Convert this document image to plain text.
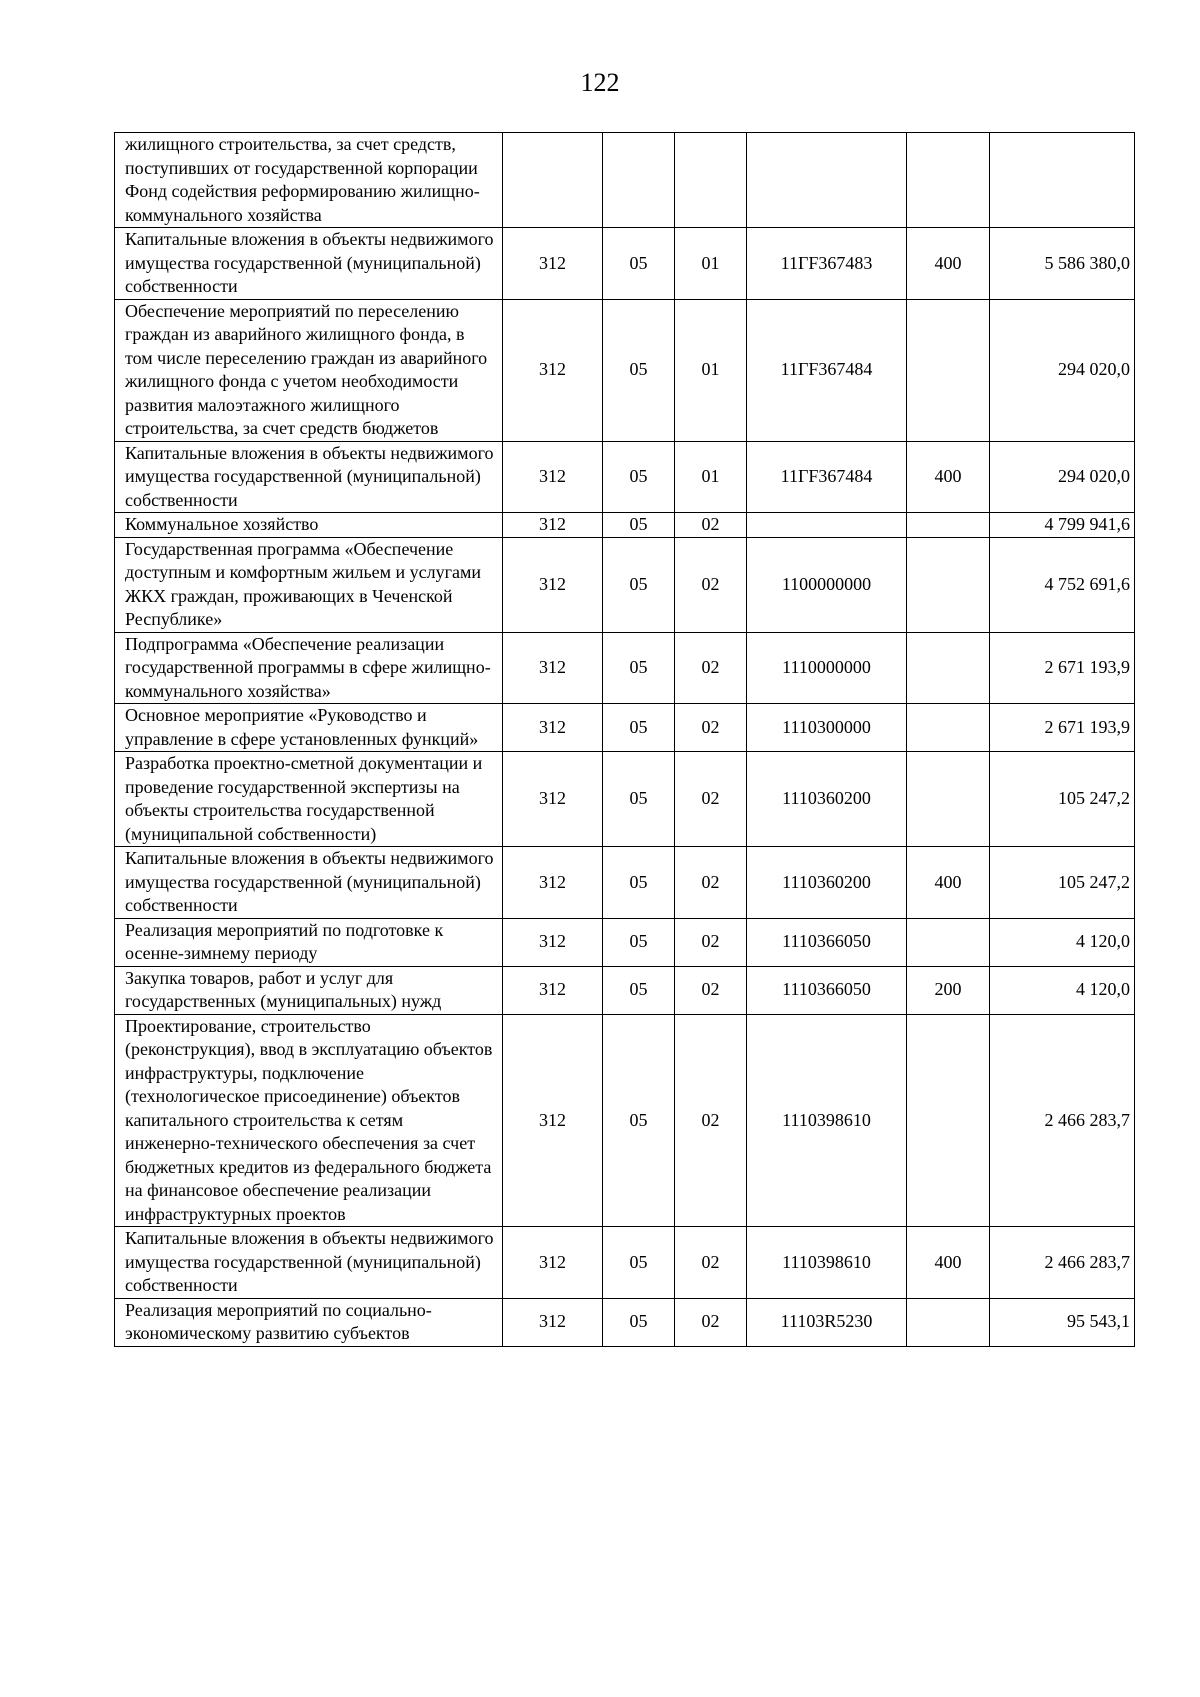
122
жилищного строительства, за счет средств, поступивших от государственной корпорации Фонд содействия реформированию жилищно-коммунального хозяйства						
Капитальные вложения в объекты недвижимого имущества государственной (муниципальной) собственности	312	05	01	11ГF367483	400	5 586 380,0
Обеспечение мероприятий по переселению граждан из аварийного жилищного фонда, в том числе переселению граждан из аварийного жилищного фонда с учетом необходимости развития малоэтажного жилищного строительства, за счет средств бюджетов	312	05	01	11ГF367484		294 020,0
Капитальные вложения в объекты недвижимого имущества государственной (муниципальной) собственности	312	05	01	11ГF367484	400	294 020,0
Коммунальное хозяйство	312	05	02			4 799 941,6
Государственная программа «Обеспечение доступным и комфортным жильем и услугами ЖКХ граждан, проживающих в Чеченской Республике»	312	05	02	1100000000		4 752 691,6
Подпрограмма «Обеспечение реализации государственной программы в сфере жилищно-коммунального хозяйства»	312	05	02	1110000000		2 671 193,9
Основное мероприятие «Руководство и управление в сфере установленных функций»	312	05	02	1110300000		2 671 193,9
Разработка проектно-сметной документации и проведение государственной экспертизы на объекты строительства государственной (муниципальной собственности)	312	05	02	1110360200		105 247,2
Капитальные вложения в объекты недвижимого имущества государственной (муниципальной) собственности	312	05	02	1110360200	400	105 247,2
Реализация мероприятий по подготовке к осенне-зимнему периоду	312	05	02	1110366050		4 120,0
Закупка товаров, работ и услуг для государственных (муниципальных) нужд	312	05	02	1110366050	200	4 120,0
Проектирование, строительство (реконструкция), ввод в эксплуатацию объектов инфраструктуры, подключение (технологическое присоединение) объектов капитального строительства к сетям инженерно-технического обеспечения за счет бюджетных кредитов из федерального бюджета на финансовое обеспечение реализации инфраструктурных проектов	312	05	02	1110398610		2 466 283,7
Капитальные вложения в объекты недвижимого имущества государственной (муниципальной) собственности	312	05	02	1110398610	400	2 466 283,7
Реализация мероприятий по социально-экономическому развитию субъектов	312	05	02	11103R5230		95 543,1
